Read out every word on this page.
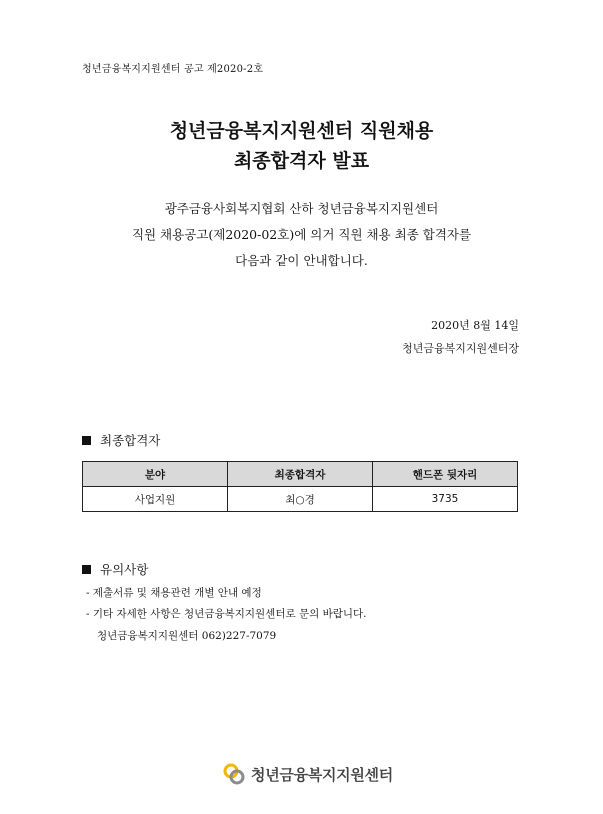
청년금융복지지원센터 공고 제2020-2호
청년금융복지지원센터 직원채용
최종합격자 발표
광주금융사회복지협회 산하 청년금융복지지원센터
직원 채용공고(제2020-02호)에 의거 직원 채용 최종 합격자를
다음과 같이 안내합니다.
2020년 8월 14일
청년금융복지지원센터장
최종합격자
분야	최종합격자	핸드폰 뒷자리
사업지원	최○경	3735
유의사항
- 제출서류 및 채용관련 개별 안내 예정
- 기타 자세한 사항은 청년금융복지지원센터로 문의 바랍니다.
청년금융복지지원센터 062)227-7079
청년금융복지지원센터
